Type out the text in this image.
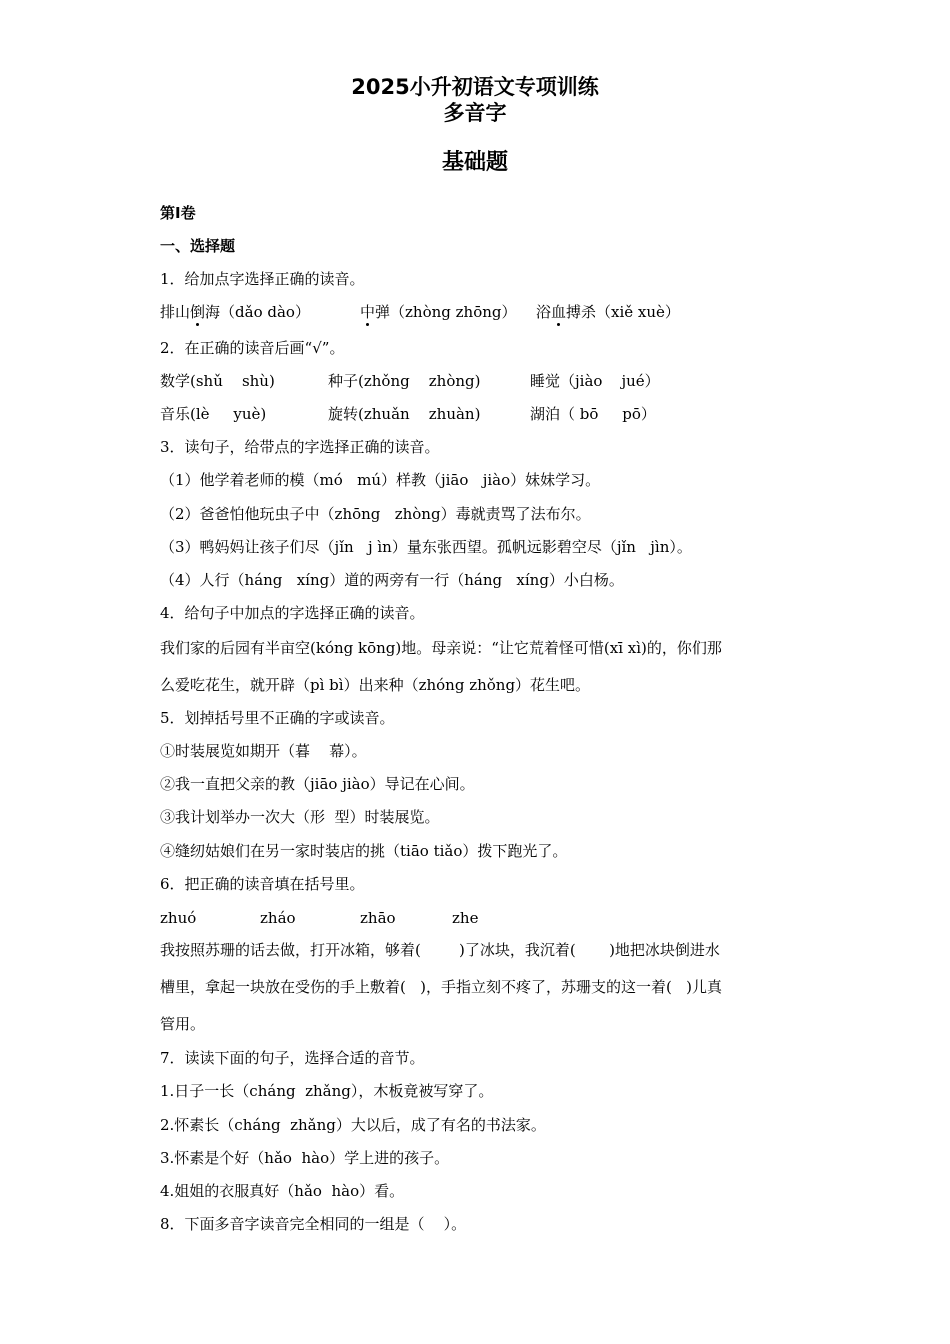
2025小升初语文专项训练
多音字
基础题
第I卷
一、选择题
1．给加点字选择正确的读音。
排山倒海（dǎo dào）	中弹（zhòng zhōng） 浴血搏杀（xiě xuè）
2．在正确的读音后画“√”。
数学(shǔ    shù)	种子(zhǒng    zhòng)	睡觉（jiào    jué）
音乐(lè     yuè)	旋转(zhuǎn    zhuàn)	湖泊（ bō     pō）
3．读句子，给带点的字选择正确的读音。
（1）他学着老师的模（mó   mú）样教（jiāo   jiào）妹妹学习。
（2）爸爸怕他玩虫子中（zhōng   zhòng）毒就责骂了法布尔。
（3）鸭妈妈让孩子们尽（jǐn   j ìn）量东张西望。孤帆远影碧空尽（jǐn   jìn）。
（4）人行（háng   xíng）道的两旁有一行（háng   xíng）小白杨。
4．给句子中加点的字选择正确的读音。
我们家的后园有半亩空(kóng kōng)地。母亲说：“让它荒着怪可惜(xī xì)的，你们那
么爱吃花生，就开辟（pì bì）出来种（zhóng zhǒng）花生吧。
5．划掉括号里不正确的字或读音。
①时装展览如期开（暮    幕）。
②我一直把父亲的教（jiāo jiào）导记在心间。
③我计划举办一次大（形  型）时装展览。
④缝纫姑娘们在另一家时装店的挑（tiāo tiǎo）拨下跑光了。
6．把正确的读音填在括号里。
zhuó	zháo	zhāo	zhe
我按照苏珊的话去做，打开冰箱，够着(        )了冰块，我沉着(       )地把冰块倒进水
槽里，拿起一块放在受伤的手上敷着(   )，手指立刻不疼了，苏珊支的这一着(   )儿真
管用。
7．读读下面的句子，选择合适的音节。
1.日子一长（cháng  zhǎng），木板竟被写穿了。
2.怀素长（cháng  zhǎng）大以后，成了有名的书法家。
3.怀素是个好（hǎo  hào）学上进的孩子。
4.姐姐的衣服真好（hǎo  hào）看。
8．下面多音字读音完全相同的一组是（    ）。
